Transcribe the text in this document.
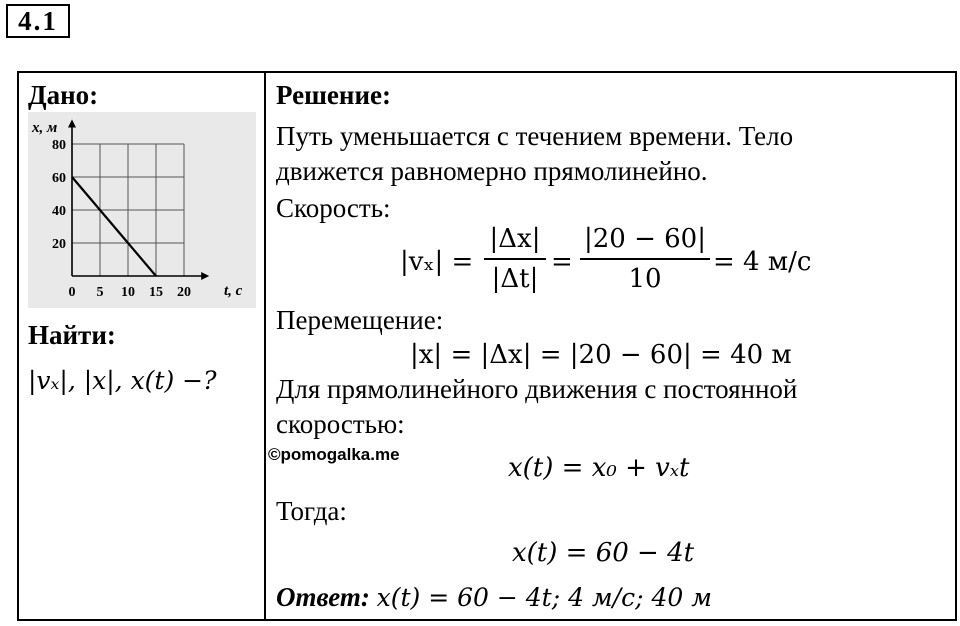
4.1
Дано:
0 5 10 15 20
20
40
60
80
x, м
t, с
Найти:
|vₓ|, |x|, x(t) −?
Решение:
Путь уменьшается с течением времени. Тело
движется равномерно прямолинейно.
Скорость:
|vₓ| =
|Δx|
|Δt|
=
|20 − 60|
10
= 4 м/с
Перемещение:
|x| = |Δx| = |20 − 60| = 40 м
Для прямолинейного движения с постоянной
скоростью:
©pomogalka.me	x(t) = x₀ + vₓt
Тогда:
x(t) = 60 − 4t
Ответ: x(t) = 60 − 4t; 4 м/с; 40 м
